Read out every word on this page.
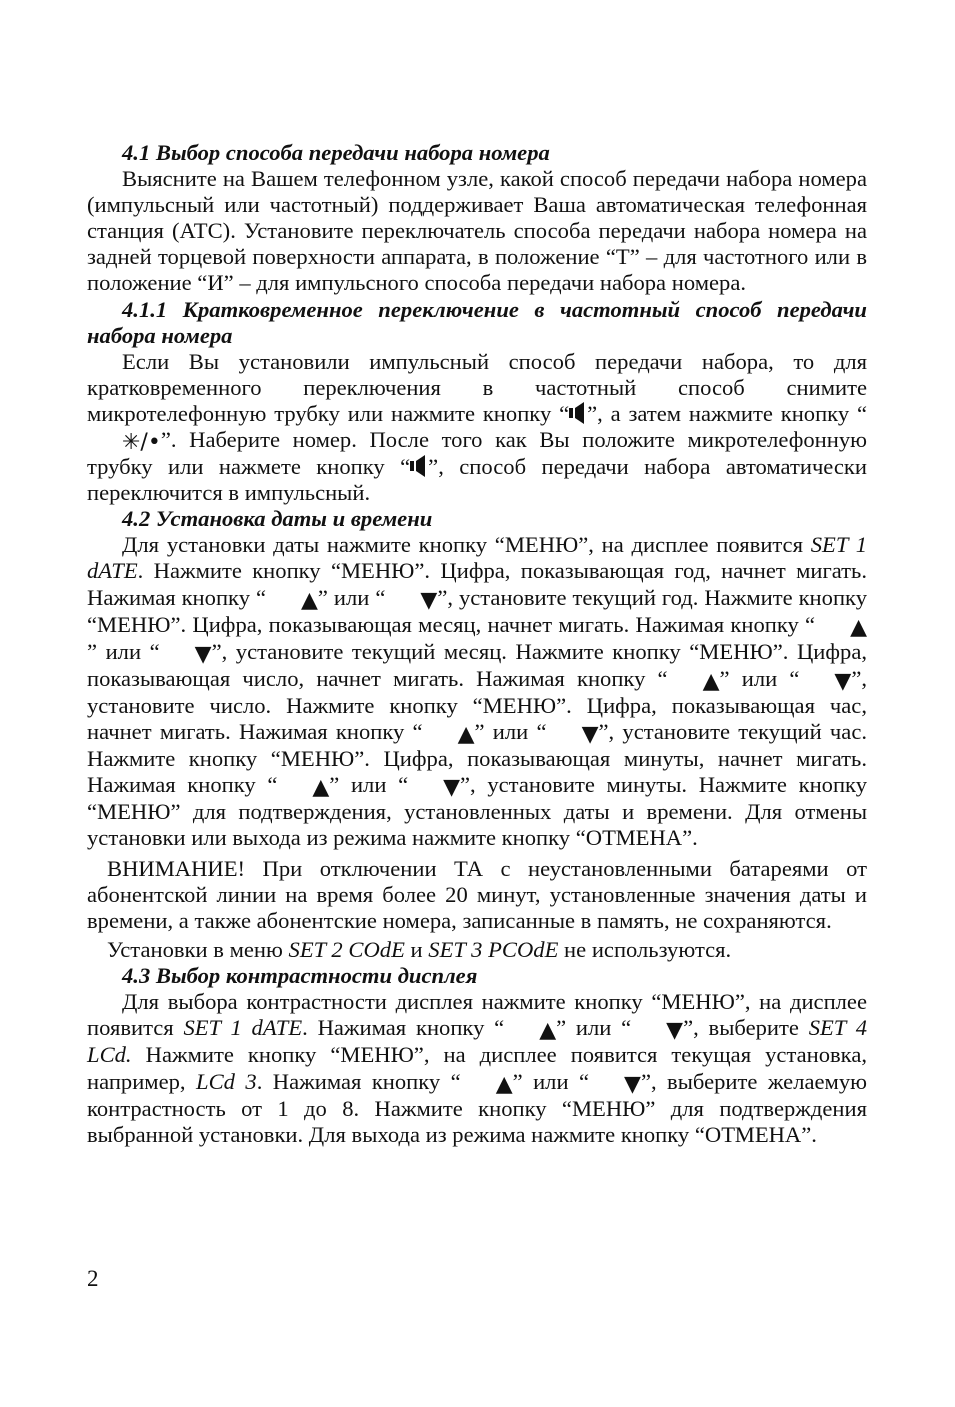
4.1 Выбор способа передачи набора номера

Выясните на Вашем телефонном узле, какой способ передачи набора номера (импульсный или частотный) поддерживает Ваша автоматическая телефонная станция (АТС). Установите переключатель способа передачи набора номера на задней торцевой поверхности аппарата, в положение “Т” – для частотного или в положение “И” – для импульсного способа передачи набора номера.

4.1.1 Кратковременное переключение в частотный способ передачи набора номера

Если Вы установили импульсный способ передачи набора, то для кратковременного переключения в частотный способ снимите микротелефонную трубку или нажмите кнопку “ ”, а затем нажмите кнопку “✳/•”. Наберите номер. После того как Вы положите микротелефонную трубку или нажмете кнопку “ ”, способ передачи набора автоматически переключится в импульсный.

4.2 Установка даты и времени

Для установки даты нажмите кнопку “МЕНЮ”, на дисплее появится SET 1 dATE. Нажмите кнопку “МЕНЮ”. Цифра, показывающая год, начнет мигать. Нажимая кнопку “ ▲” или “ ▼”, установите текущий год. Нажмите кнопку “МЕНЮ”. Цифра, показывающая месяц, начнет мигать. Нажимая кнопку “ ▲” или “ ▼”, установите текущий месяц. Нажмите кнопку “МЕНЮ”. Цифра, показывающая число, начнет мигать. Нажимая кнопку “ ▲” или “ ▼”, установите число. Нажмите кнопку “МЕНЮ”. Цифра, показывающая час, начнет мигать. Нажимая кнопку “ ▲” или “ ▼”, установите текущий час. Нажмите кнопку “МЕНЮ”. Цифра, показывающая минуты, начнет мигать. Нажимая кнопку “ ▲” или “ ▼”, установите минуты. Нажмите кнопку “МЕНЮ” для подтверждения, установленных даты и времени. Для отмены установки или выхода из режима нажмите кнопку “ОТМЕНА”.

ВНИМАНИЕ! При отключении ТА с неустановленными батареями от абонентской линии на время более 20 минут, установленные значения даты и времени, а также абонентские номера, записанные в память, не сохраняются.

Установки в меню SET 2 COdE и SET 3 PCOdE не используются.

4.3 Выбор контрастности дисплея

Для выбора контрастности дисплея нажмите кнопку “МЕНЮ”, на дисплее появится SET 1 dATE. Нажимая кнопку “ ▲” или “ ▼”, выберите SET 4 LCd. Нажмите кнопку “МЕНЮ”, на дисплее появится текущая установка, например, LCd 3. Нажимая кнопку “ ▲” или “ ▼”, выберите желаемую контрастность от 1 до 8. Нажмите кнопку “МЕНЮ” для подтверждения выбранной установки. Для выхода из режима нажмите кнопку “ОТМЕНА”.

2
